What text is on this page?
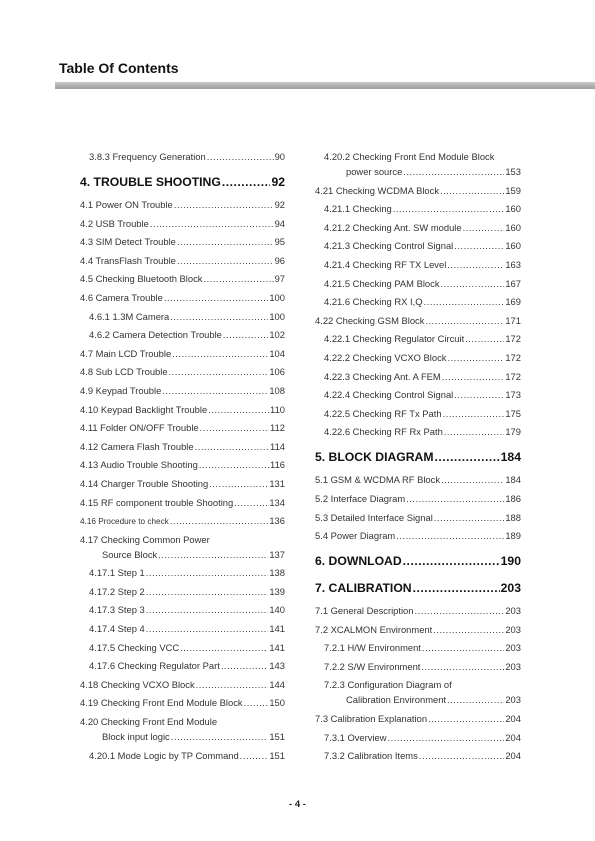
Table Of Contents
3.8.3 Frequency Generation .....	90
4. TROUBLE SHOOTING .....	92
4.1 Power ON Trouble .....	92
4.2 USB Trouble .....	94
4.3 SIM Detect Trouble .....	95
4.4 TransFlash Trouble .....	96
4.5 Checking Bluetooth Block .....	97
4.6 Camera Trouble .....	100
4.6.1 1.3M Camera .....	100
4.6.2 Camera Detection Trouble .....	102
4.7 Main LCD Trouble .....	104
4.8 Sub LCD Trouble .....	106
4.9 Keypad Trouble .....	108
4.10 Keypad Backlight Trouble .....	110
4.11 Folder ON/OFF Trouble .....	112
4.12 Camera Flash Trouble .....	114
4.13 Audio Trouble Shooting .....	116
4.14 Charger Trouble Shooting .....	131
4.15 RF component trouble Shooting .....	134
4.16 Procedure to check .....	136
4.17 Checking Common Power
Source Block .....	137
4.17.1 Step 1 .....	138
4.17.2 Step 2 .....	139
4.17.3 Step 3 .....	140
4.17.4 Step 4 .....	141
4.17.5 Checking VCC .....	141
4.17.6 Checking Regulator Part .....	143
4.18 Checking VCXO Block .....	144
4.19 Checking Front End Module Block .....	150
4.20 Checking Front End Module
Block input logic .....	151
4.20.1 Mode Logic by TP Command .....	151
4.20.2 Checking Front End Module Block
power source .....	153
4.21 Checking WCDMA Block .....	159
4.21.1 Checking .....	160
4.21.2 Checking Ant. SW module .....	160
4.21.3 Checking Control Signal .....	160
4.21.4 Checking RF TX Level .....	163
4.21.5 Checking PAM Block .....	167
4.21.6 Checking RX I,Q .....	169
4.22 Checking GSM Block .....	171
4.22.1 Checking Regulator Circuit .....	172
4.22.2 Checking VCXO Block .....	172
4.22.3 Checking Ant. A FEM .....	172
4.22.4 Checking Control Signal .....	173
4.22.5 Checking RF Tx Path .....	175
4.22.6 Checking RF Rx Path .....	179
5. BLOCK DIAGRAM .....	184
5.1 GSM & WCDMA RF Block .....	184
5.2 Interface Diagram .....	186
5.3 Detailed Interface Signal .....	188
5.4 Power Diagram .....	189
6. DOWNLOAD .....	190
7. CALIBRATION .....	203
7.1 General Description .....	203
7.2 XCALMON Environment .....	203
7.2.1 H/W Environment .....	203
7.2.2 S/W Environment .....	203
7.2.3 Configuration Diagram of
Calibration Environment .....	203
7.3 Calibration Explanation .....	204
7.3.1 Overview .....	204
7.3.2 Calibration Items .....	204
- 4 -
